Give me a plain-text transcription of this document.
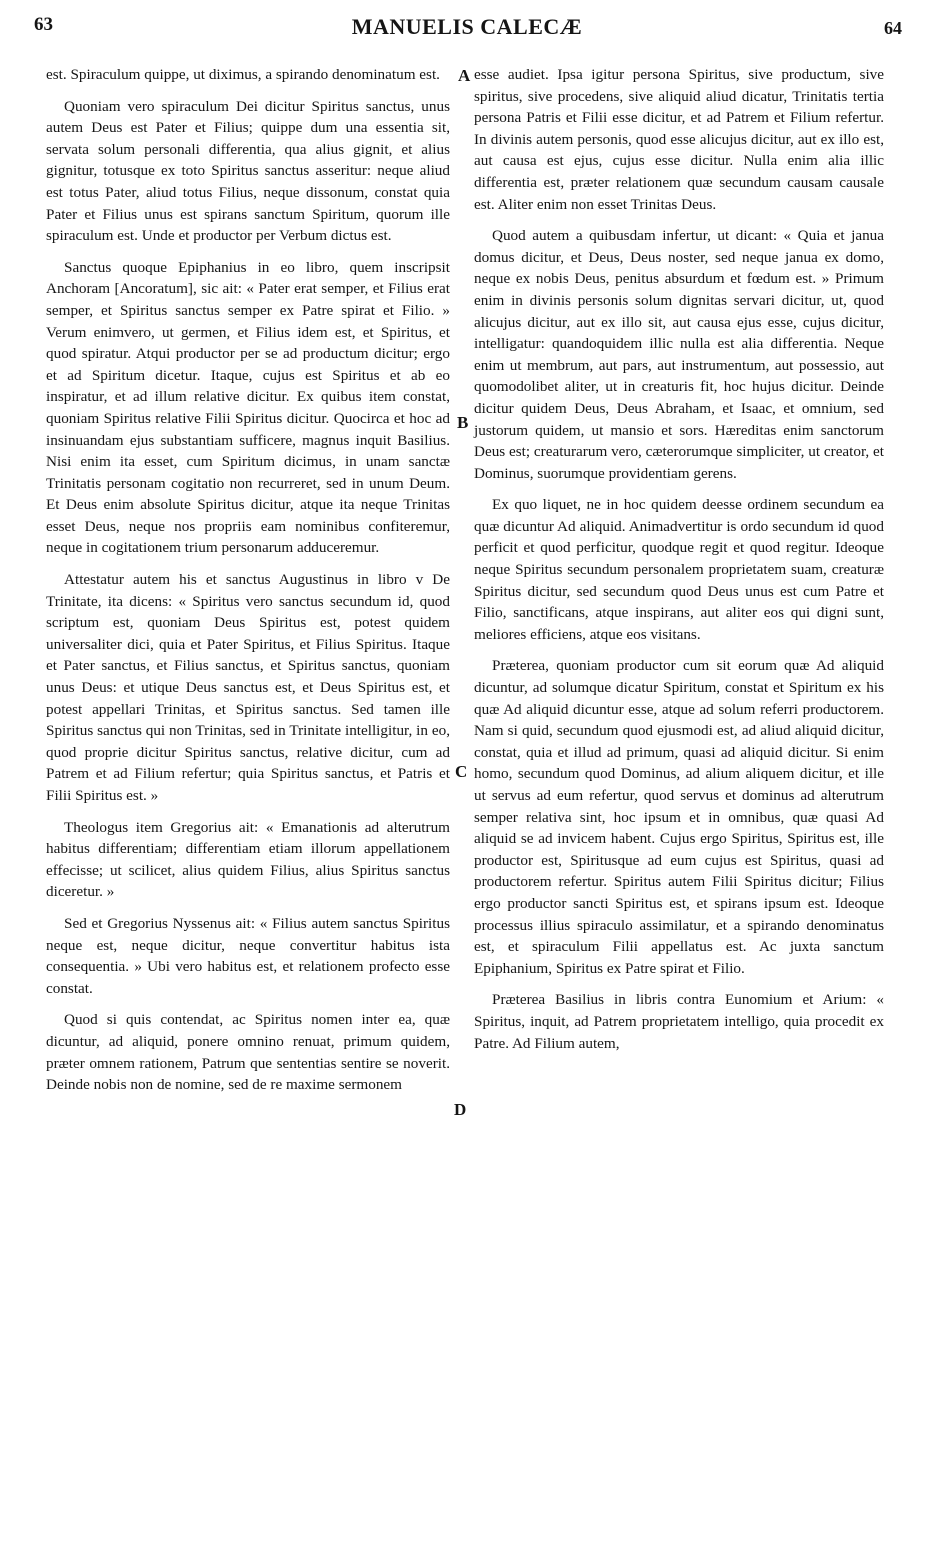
63	MANUELIS CALECÆ	64
A
B
C
D

est. Spiraculum quippe, ut diximus, a spirando denominatum est.

Quoniam vero spiraculum Dei dicitur Spiritus sanctus, unus autem Deus est Pater et Filius; quippe dum una essentia sit, servata solum personali differentia, qua alius gignit, et alius gignitur, totusque ex toto Spiritus sanctus asseritur: neque aliud est totus Pater, aliud totus Filius, neque dissonum, constat quia Pater et Filius unus est spirans sanctum Spiritum, quorum ille spiraculum est. Unde et productor per Verbum dictus est.

Sanctus quoque Epiphanius in eo libro, quem inscripsit Anchoram [Ancoratum], sic ait: « Pater erat semper, et Filius erat semper, et Spiritus sanctus semper ex Patre spirat et Filio. » Verum enimvero, ut germen, et Filius idem est, et Spiritus, et quod spiratur. Atqui productor per se ad productum dicitur; ergo et ad Spiritum dicetur. Itaque, cujus est Spiritus et ab eo inspiratur, et ad illum relative dicitur. Ex quibus item constat, quoniam Spiritus relative Filii Spiritus dicitur. Quocirca et hoc ad insinuandam ejus substantiam sufficere, magnus inquit Basilius. Nisi enim ita esset, cum Spiritum dicimus, in unam sanctæ Trinitatis personam cogitatio non recurreret, sed in unum Deum. Et Deus enim absolute Spiritus dicitur, atque ita neque Trinitas esset Deus, neque nos propriis eam nominibus confiteremur, neque in cogitationem trium personarum adduceremur.

Attestatur autem his et sanctus Augustinus in libro v De Trinitate, ita dicens: « Spiritus vero sanctus secundum id, quod scriptum est, quoniam Deus Spiritus est, potest quidem universaliter dici, quia et Pater Spiritus, et Filius Spiritus. Itaque et Pater sanctus, et Filius sanctus, et Spiritus sanctus, quoniam unus Deus: et utique Deus sanctus est, et Deus Spiritus est, et potest appellari Trinitas, et Spiritus sanctus. Sed tamen ille Spiritus sanctus qui non Trinitas, sed in Trinitate intelligitur, in eo, quod proprie dicitur Spiritus sanctus, relative dicitur, cum ad Patrem et ad Filium refertur; quia Spiritus sanctus, et Patris et Filii Spiritus est. »

Theologus item Gregorius ait: « Emanationis ad alterutrum habitus differentiam; differentiam etiam illorum appellationem effecisse; ut scilicet, alius quidem Filius, alius Spiritus sanctus diceretur. »

Sed et Gregorius Nyssenus ait: « Filius autem sanctus Spiritus neque est, neque dicitur, neque convertitur habitus ista consequentia. » Ubi vero habitus est, et relationem profecto esse constat.

Quod si quis contendat, ac Spiritus nomen inter ea, quæ dicuntur, ad aliquid, ponere omnino renuat, primum quidem, præter omnem rationem, Patrum que sententias sentire se noverit. Deinde nobis non de nomine, sed de re maxime sermonem

esse audiet. Ipsa igitur persona Spiritus, sive productum, sive spiritus, sive procedens, sive aliquid aliud dicatur, Trinitatis tertia persona Patris et Filii esse dicitur, et ad Patrem et Filium refertur. In divinis autem personis, quod esse alicujus dicitur, aut ex illo est, aut causa est ejus, cujus esse dicitur. Nulla enim alia illic differentia est, præter relationem quæ secundum causam causale est. Aliter enim non esset Trinitas Deus.

Quod autem a quibusdam infertur, ut dicant: « Quia et janua domus dicitur, et Deus, Deus noster, sed neque janua ex domo, neque ex nobis Deus, penitus absurdum et fœdum est. » Primum enim in divinis personis solum dignitas servari dicitur, ut, quod alicujus dicitur, aut ex illo sit, aut causa ejus esse, cujus dicitur, intelligatur: quandoquidem illic nulla est alia differentia. Neque enim ut membrum, aut pars, aut instrumentum, aut possessio, aut quomodolibet aliter, ut in creaturis fit, hoc hujus dicitur. Deinde dicitur quidem Deus, Deus Abraham, et Isaac, et omnium, sed justorum quidem, ut mansio et sors. Hæreditas enim sanctorum Deus est; creaturarum vero, cæterorumque simpliciter, ut creator, et Dominus, suorumque providentiam gerens.

Ex quo liquet, ne in hoc quidem deesse ordinem secundum ea quæ dicuntur Ad aliquid. Animadvertitur is ordo secundum id quod perficit et quod perficitur, quodque regit et quod regitur. Ideoque neque Spiritus secundum personalem proprietatem suam, creaturæ Spiritus dicitur, sed secundum quod Deus unus est cum Patre et Filio, sanctificans, atque inspirans, aut aliter eos qui digni sunt, meliores efficiens, atque eos visitans.

Præterea, quoniam productor cum sit eorum quæ Ad aliquid dicuntur, ad solumque dicatur Spiritum, constat et Spiritum ex his quæ Ad aliquid dicuntur esse, atque ad solum referri productorem. Nam si quid, secundum quod ejusmodi est, ad aliud aliquid dicitur, constat, quia et illud ad primum, quasi ad aliquid dicitur. Si enim homo, secundum quod Dominus, ad alium aliquem dicitur, et ille ut servus ad eum refertur, quod servus et dominus ad alterutrum semper relativa sint, hoc ipsum et in omnibus, quæ quasi Ad aliquid se ad invicem habent. Cujus ergo Spiritus, Spiritus est, ille productor est, Spiritusque ad eum cujus est Spiritus, quasi ad productorem refertur. Spiritus autem Filii Spiritus dicitur; Filius ergo productor sancti Spiritus est, et spirans ipsum est. Ideoque processus illius spiraculo assimilatur, et a spirando denominatus est, et spiraculum Filii appellatus est. Ac juxta sanctum Epiphanium, Spiritus ex Patre spirat et Filio.

Præterea Basilius in libris contra Eunomium et Arium: « Spiritus, inquit, ad Patrem proprietatem intelligo, quia procedit ex Patre. Ad Filium autem,
